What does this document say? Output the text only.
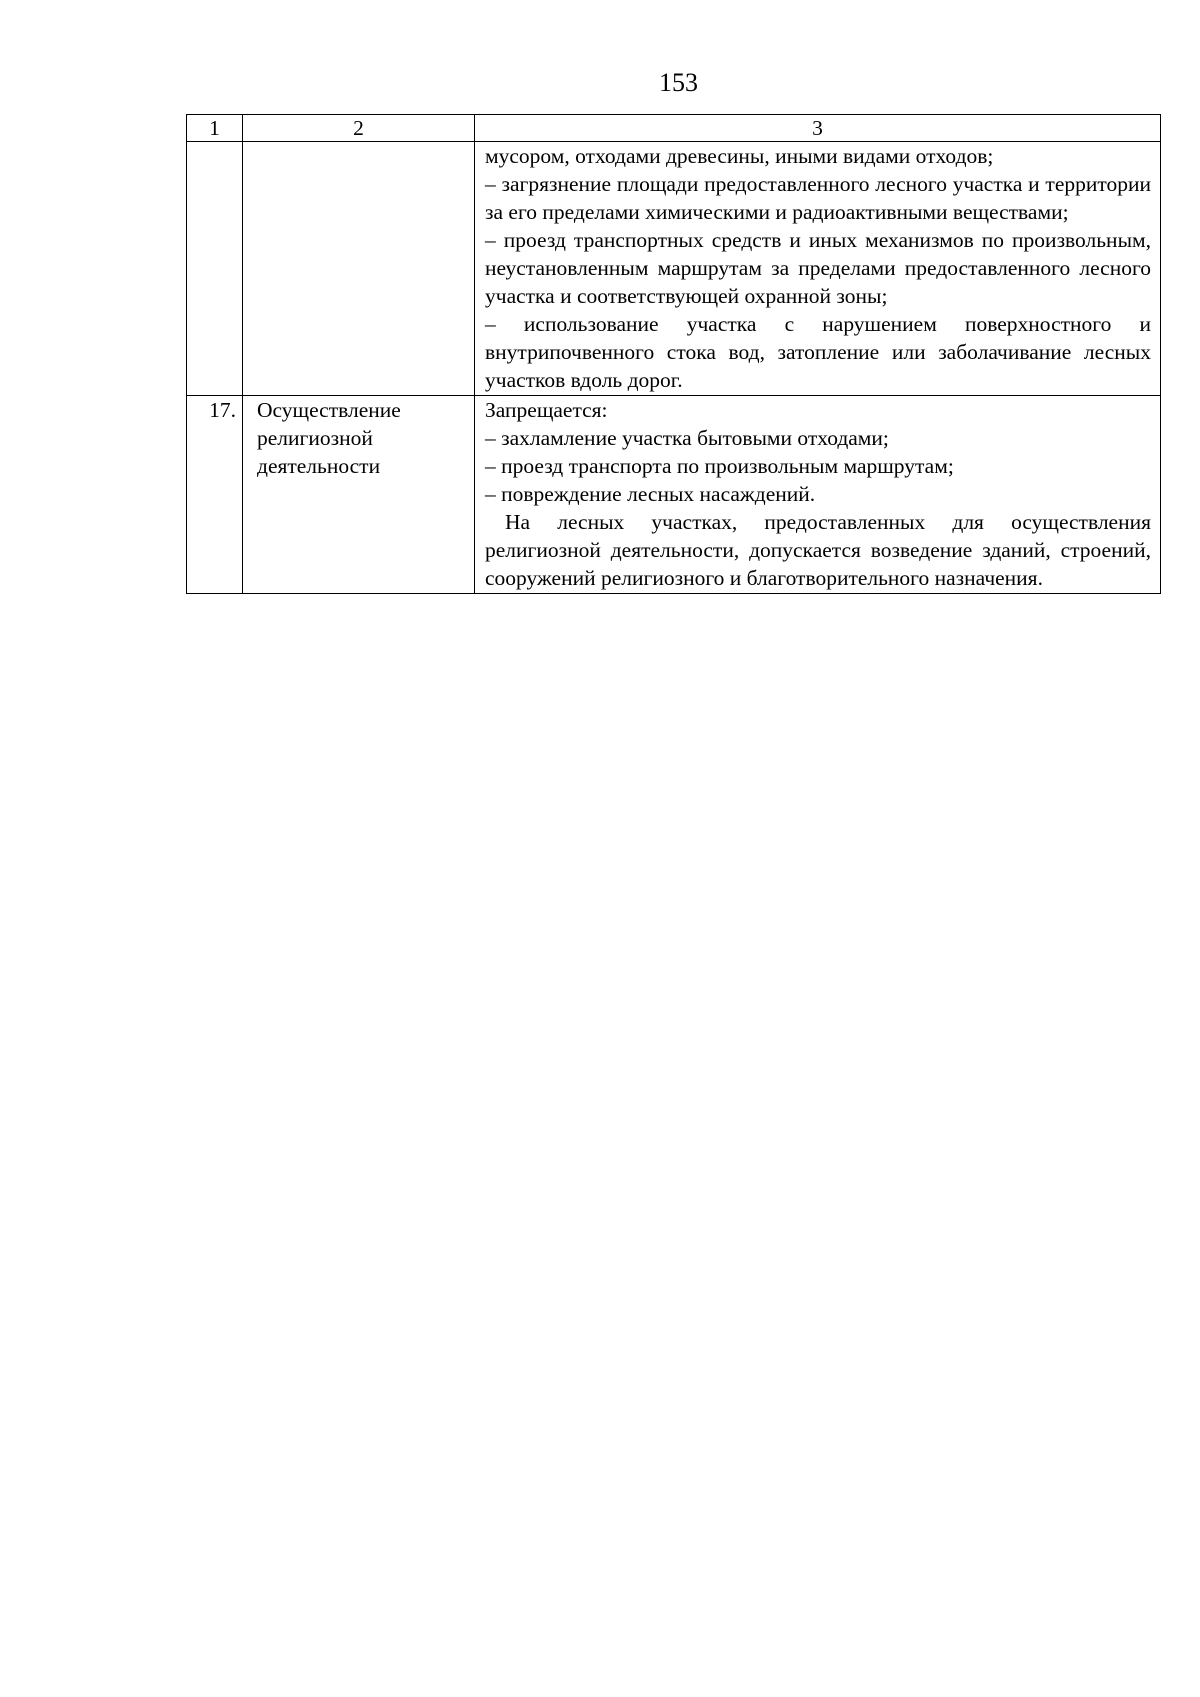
153
1	2	3

		мусором, отходами древесины, иными видами отходов;
– загрязнение площади предоставленного лесного участка и территории за его пределами химическими и радиоактивными веществами;
– проезд транспортных средств и иных механизмов по произвольным, неустановленным маршрутам за пределами предоставленного лесного участка и соответствующей охранной зоны;
– использование участка с нарушением поверхностного и внутрипочвенного стока вод, затопление или заболачивание лесных участков вдоль дорог.

17.	Осуществление религиозной деятельности	Запрещается:
– захламление участка бытовыми отходами;
– проезд транспорта по произвольным маршрутам;
– повреждение лесных насаждений.
На лесных участках, предоставленных для осуществления религиозной деятельности, допускается возведение зданий, строений, сооружений религиозного и благотворительного назначения.
